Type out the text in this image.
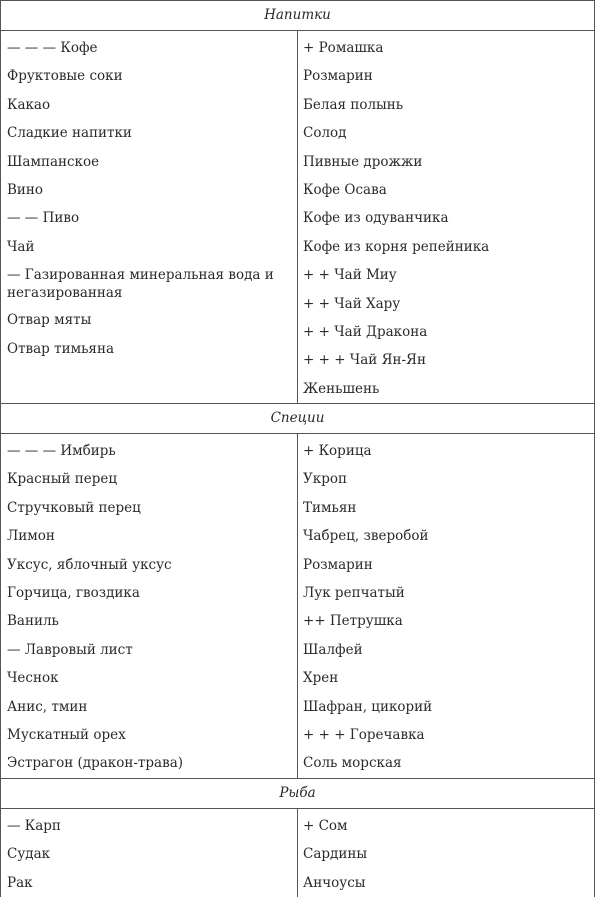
Напитки
— — — Кофе
Фруктовые соки
Какао
Сладкие напитки
Шампанское
Вино
— — Пиво
Чай
— Газированная минеральная вода и негазированная
Отвар мяты
Отвар тимьяна
+ Ромашка
Розмарин
Белая полынь
Солод
Пивные дрожжи
Кофе Осава
Кофе из одуванчика
Кофе из корня репейника
+ + Чай Миу
+ + Чай Хару
+ + Чай Дракона
+ + + Чай Ян-Ян
Женьшень
Специи
— — — Имбирь
Красный перец
Стручковый перец
Лимон
Уксус, яблочный уксус
Горчица, гвоздика
Ваниль
— Лавровый лист
Чеснок
Анис, тмин
Мускатный орех
Эстрагон (дракон-трава)
+ Корица
Укроп
Тимьян
Чабрец, зверобой
Розмарин
Лук репчатый
++ Петрушка
Шалфей
Хрен
Шафран, цикорий
+ + + Горечавка
Соль морская
Рыба
— Карп
Судак
Рак
+ Сом
Сардины
Анчоусы
